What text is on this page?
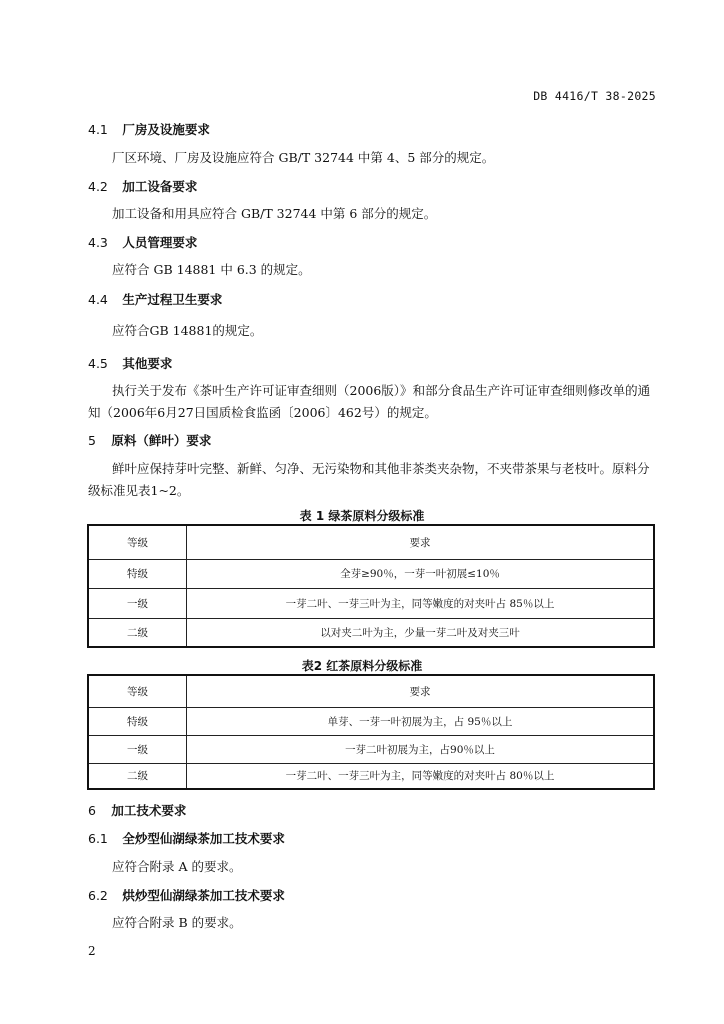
DB 4416/T 38-2025
4.1 厂房及设施要求
厂区环境、厂房及设施应符合 GB/T 32744 中第 4、5 部分的规定。
4.2 加工设备要求
加工设备和用具应符合 GB/T 32744 中第 6 部分的规定。
4.3 人员管理要求
应符合 GB 14881 中 6.3 的规定。
4.4 生产过程卫生要求
应符合GB 14881的规定。
4.5 其他要求
执行关于发布《茶叶生产许可证审查细则（2006版）》和部分食品生产许可证审查细则修改单的通
知（2006年6月27日国质检食监函〔2006〕462号）的规定。
5 原料（鲜叶）要求
鲜叶应保持芽叶完整、新鲜、匀净、无污染物和其他非茶类夹杂物，不夹带茶果与老枝叶。原料分
级标准见表1~2。
表 1 绿茶原料分级标准
等级	要求
特级	全芽≥90％，一芽一叶初展≤10％
一级	一芽二叶、一芽三叶为主，同等嫩度的对夹叶占 85％以上
二级	以对夹二叶为主，少量一芽二叶及对夹三叶
表2 红茶原料分级标准
等级	要求
特级	单芽、一芽一叶初展为主，占 95％以上
一级	一芽二叶初展为主，占90％以上
二级	一芽二叶、一芽三叶为主，同等嫩度的对夹叶占 80％以上
6 加工技术要求
6.1 全炒型仙湖绿茶加工技术要求
应符合附录 A 的要求。
6.2 烘炒型仙湖绿茶加工技术要求
应符合附录 B 的要求。
2
